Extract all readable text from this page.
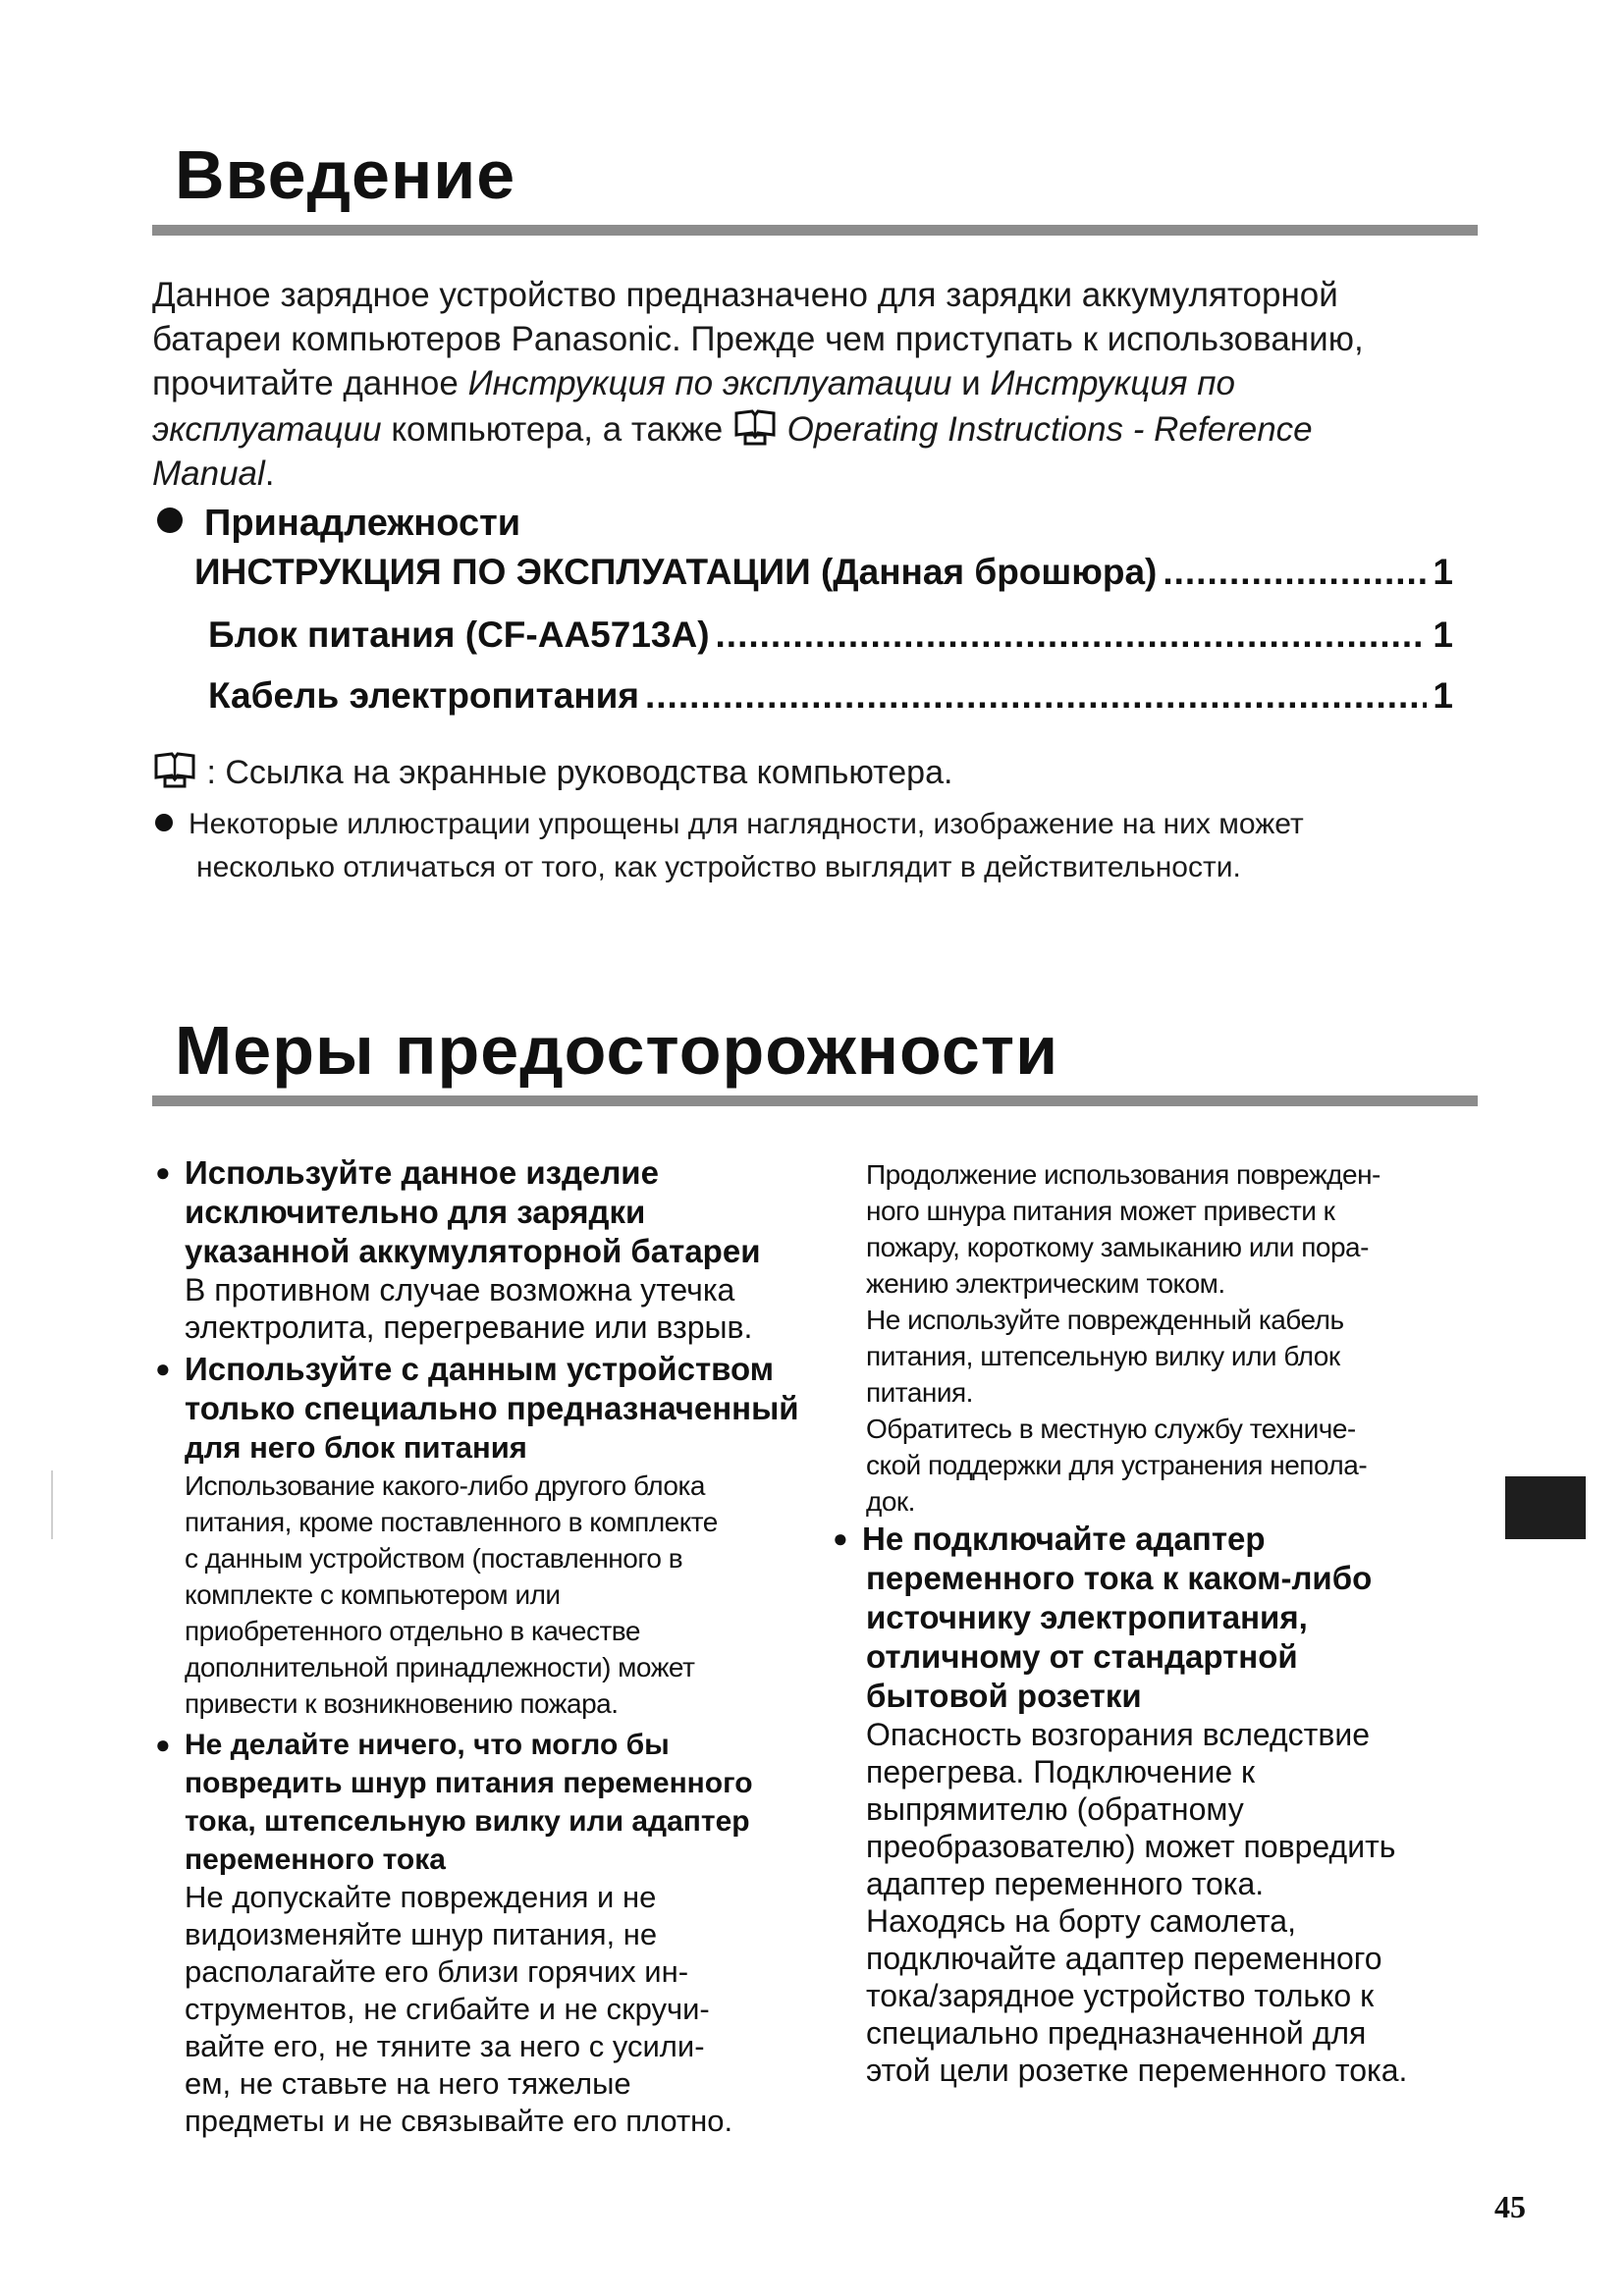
Введение
Данное зарядное устройство предназначено для зарядки аккумуляторной
батареи компьютеров Panasonic. Прежде чем приступать к использованию,
прочитайте данное Инструкция по эксплуатации и Инструкция по
эксплуатации компьютера, а также  Operating Instructions - Reference
Manual.
Принадлежности
ИНСТРУКЦИЯ ПО ЭКСПЛУАТАЦИИ (Данная брошюра) .....	1
Блок питания (CF-AA5713A) .....	1
Кабель электропитания .....	1
: Ссылка на экранные руководства компьютера.
Некоторые иллюстрации упрощены для наглядности, изображение на них может
несколько отличаться от того, как устройство выглядит в действительности.
Меры предосторожности
● Используйте данное изделие
исключительно для зарядки
указанной аккумуляторной батареи
В противном случае возможна утечка
электролита, перегревание или взрыв.
● Используйте с данным устройством
только специально предназначенный
для него блок питания
Использование какого-либо другого блока
питания, кроме поставленного в комплекте
с данным устройством (поставленного в
комплекте с компьютером или
приобретенного отдельно в качестве
дополнительной принадлежности) может
привести к возникновению пожара.
● Не делайте ничего, что могло бы
повредить шнур питания переменного
тока, штепсельную вилку или адаптер
переменного тока
Не допускайте повреждения и не
видоизменяйте шнур питания, не
располагайте его близи горячих ин-
струментов, не сгибайте и не скручи-
вайте его, не тяните за него с усили-
ем, не ставьте на него тяжелые
предметы и не связывайте его плотно.
Продолжение использования поврежден-
ного шнура питания может привести к
пожару, короткому замыканию или пора-
жению электрическим током.
Не используйте поврежденный кабель
питания, штепсельную вилку или блок
питания.
Обратитесь в местную службу техниче-
ской поддержки для устранения непола-
док.
● Не подключайте адаптер
переменного тока к каком-либо
источнику электропитания,
отличному от стандартной
бытовой розетки
Опасность возгорания вследствие
перегрева. Подключение к
выпрямителю (обратному
преобразователю) может повредить
адаптер переменного тока.
Находясь на борту самолета,
подключайте адаптер переменного
тока/зарядное устройство только к
специально предназначенной для
этой цели розетке переменного тока.
45
